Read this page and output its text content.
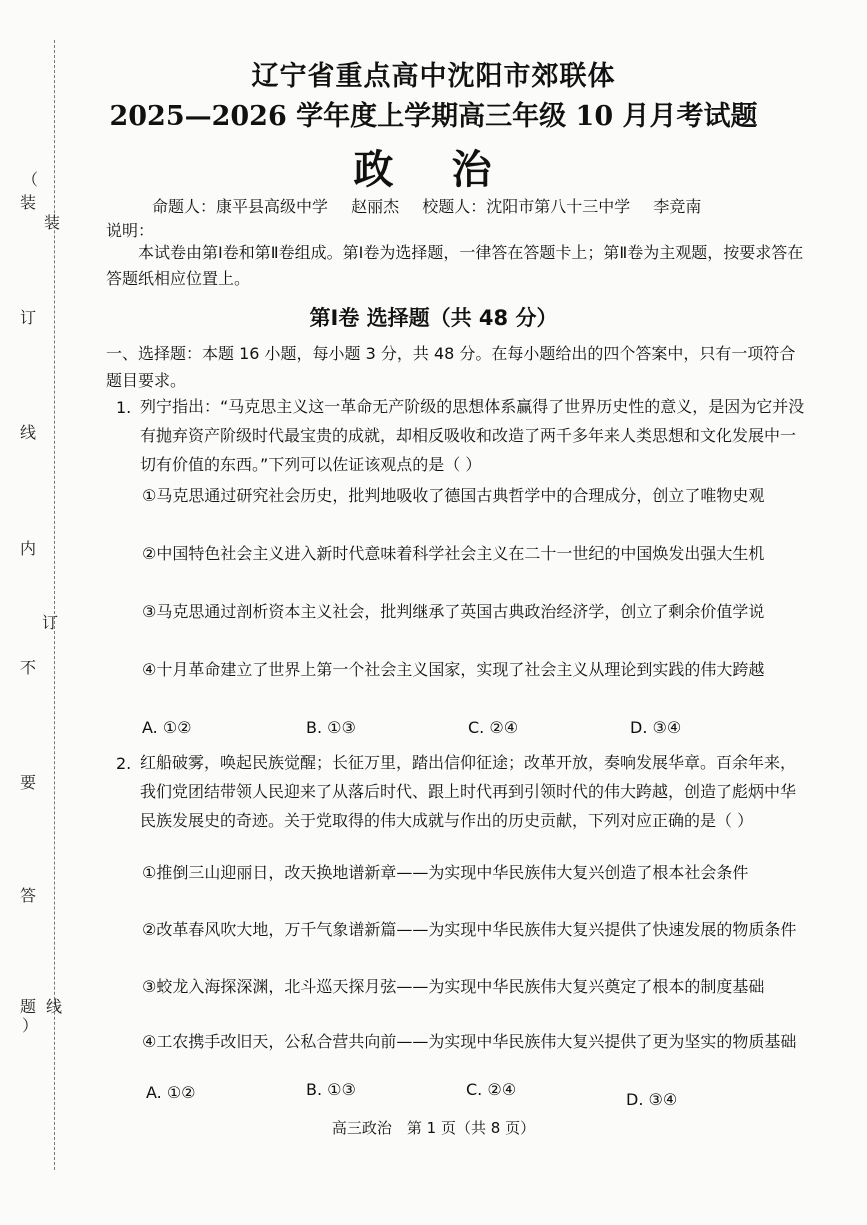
（
装
订
线
内
不
要
答
题
）
装
订
线
辽宁省重点高中沈阳市郊联体
2025—2026 学年度上学期高三年级 10 月月考试题
政 治
命题人：康平县高级中学 赵丽杰 校题人：沈阳市第八十三中学 李竞南
说明：
本试卷由第Ⅰ卷和第Ⅱ卷组成。第Ⅰ卷为选择题，一律答在答题卡上；第Ⅱ卷为主观题，按要求答在答题纸相应位置上。
第Ⅰ卷 选择题（共 48 分）
一、选择题：本题 16 小题，每小题 3 分，共 48 分。在每小题给出的四个答案中，只有一项符合题目要求。
1. 列宁指出：“马克思主义这一革命无产阶级的思想体系赢得了世界历史性的意义，是因为它并没有抛弃资产阶级时代最宝贵的成就，却相反吸收和改造了两千多年来人类思想和文化发展中一切有价值的东西。”下列可以佐证该观点的是（ ）
①马克思通过研究社会历史，批判地吸收了德国古典哲学中的合理成分，创立了唯物史观
②中国特色社会主义进入新时代意味着科学社会主义在二十一世纪的中国焕发出强大生机
③马克思通过剖析资本主义社会，批判继承了英国古典政治经济学，创立了剩余价值学说
④十月革命建立了世界上第一个社会主义国家，实现了社会主义从理论到实践的伟大跨越
A. ①②	B. ①③	C. ②④	D. ③④
2. 红船破雾，唤起民族觉醒；长征万里，踏出信仰征途；改革开放，奏响发展华章。百余年来，我们党团结带领人民迎来了从落后时代、跟上时代再到引领时代的伟大跨越，创造了彪炳中华民族发展史的奇迹。关于党取得的伟大成就与作出的历史贡献，下列对应正确的是（ ）
①推倒三山迎丽日，改天换地谱新章——为实现中华民族伟大复兴创造了根本社会条件
②改革春风吹大地，万千气象谱新篇——为实现中华民族伟大复兴提供了快速发展的物质条件
③蛟龙入海探深渊，北斗巡天探月弦——为实现中华民族伟大复兴奠定了根本的制度基础
④工农携手改旧天，公私合营共向前——为实现中华民族伟大复兴提供了更为坚实的物质基础
A. ①②	B. ①③	C. ②④
D. ③④
高三政治　第 1 页（共 8 页）
